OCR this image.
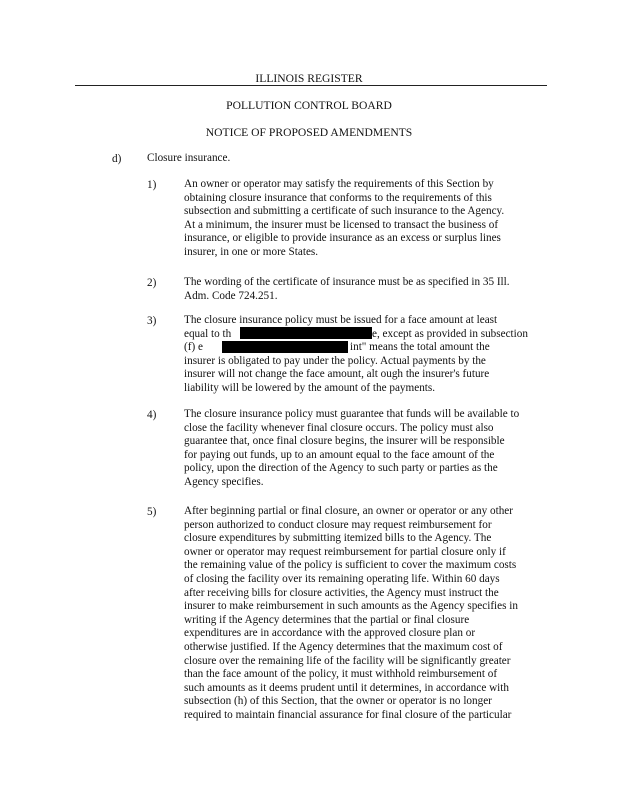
ILLINOIS REGISTER
POLLUTION CONTROL BOARD
NOTICE OF PROPOSED AMENDMENTS
d) Closure insurance.
1) An owner or operator may satisfy the requirements of this Section by
obtaining closure insurance that conforms to the requirements of this
subsection and submitting a certificate of such insurance to the Agency.
At a minimum, the insurer must be licensed to transact the business of
insurance, or eligible to provide insurance as an excess or surplus lines
insurer, in one or more States.
2) The wording of the certificate of insurance must be as specified in 35 Ill.
Adm. Code 724.251.
3) The closure insurance policy must be issued for a face amount at least
equal to th	e, except as provided in subsection
(f) e	int" means the total amount the
insurer is obligated to pay under the policy. Actual payments by the
insurer will not change the face amount, alt ough the insurer's future
liability will be lowered by the amount of the payments.
4) The closure insurance policy must guarantee that funds will be available to
close the facility whenever final closure occurs. The policy must also
guarantee that, once final closure begins, the insurer will be responsible
for paying out funds, up to an amount equal to the face amount of the
policy, upon the direction of the Agency to such party or parties as the
Agency specifies.
5) After beginning partial or final closure, an owner or operator or any other
person authorized to conduct closure may request reimbursement for
closure expenditures by submitting itemized bills to the Agency. The
owner or operator may request reimbursement for partial closure only if
the remaining value of the policy is sufficient to cover the maximum costs
of closing the facility over its remaining operating life. Within 60 days
after receiving bills for closure activities, the Agency must instruct the
insurer to make reimbursement in such amounts as the Agency specifies in
writing if the Agency determines that the partial or final closure
expenditures are in accordance with the approved closure plan or
otherwise justified. If the Agency determines that the maximum cost of
closure over the remaining life of the facility will be significantly greater
than the face amount of the policy, it must withhold reimbursement of
such amounts as it deems prudent until it determines, in accordance with
subsection (h) of this Section, that the owner or operator is no longer
required to maintain financial assurance for final closure of the particular
